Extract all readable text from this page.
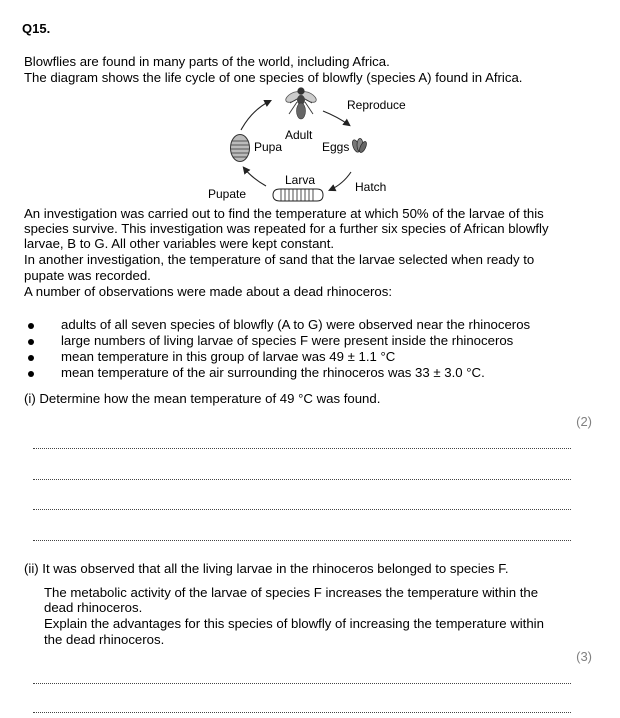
Q15.
Blowflies are found in many parts of the world, including Africa.
The diagram shows the life cycle of one species of blowfly (species A) found in Africa.
Reproduce
Adult
Pupa	Eggs
Larva	Hatch
Pupate
An investigation was carried out to find the temperature at which 50% of the larvae of this
species survive. This investigation was repeated for a further six species of African blowfly
larvae, B to G. All other variables were kept constant.
In another investigation, the temperature of sand that the larvae selected when ready to
pupate was recorded.
A number of observations were made about a dead rhinoceros:
adults of all seven species of blowfly (A to G) were observed near the rhinoceros
large numbers of living larvae of species F were present inside the rhinoceros
mean temperature in this group of larvae was 49 ± 1.1 °C
mean temperature of the air surrounding the rhinoceros was 33 ± 3.0 °C.
(i) Determine how the mean temperature of 49 °C was found.
(2)
(ii) It was observed that all the living larvae in the rhinoceros belonged to species F.
The metabolic activity of the larvae of species F increases the temperature within the
dead rhinoceros.
Explain the advantages for this species of blowfly of increasing the temperature within
the dead rhinoceros.
(3)
